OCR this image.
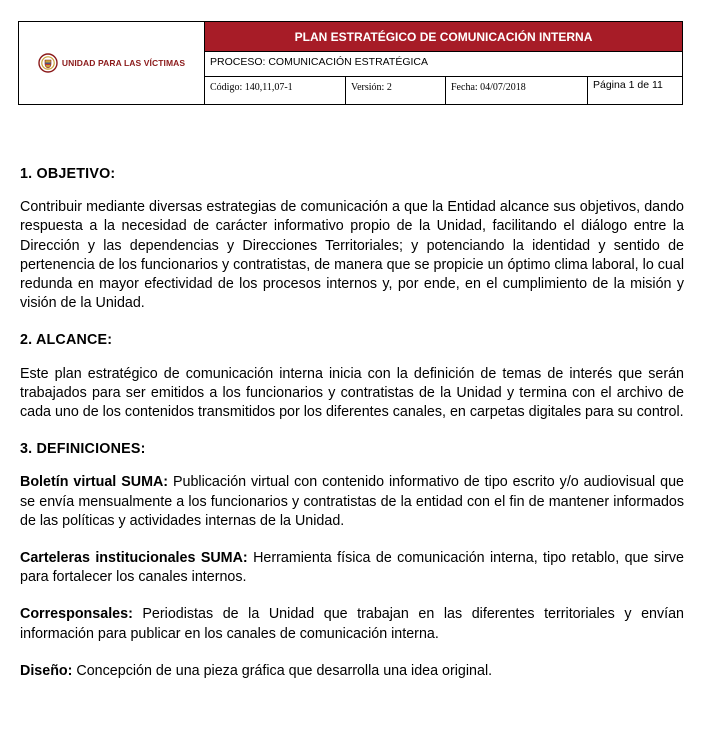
UNIDAD PARA LAS VÍCTIMAS
PLAN ESTRATÉGICO DE COMUNICACIÓN INTERNA
PROCESO: COMUNICACIÓN ESTRATÉGICA
Código: 140,11,07-1	Versión: 2	Fecha: 04/07/2018	Página 1 de 11
1. OBJETIVO:

Contribuir mediante diversas estrategias de comunicación a que la Entidad alcance sus objetivos, dando respuesta a la necesidad de carácter informativo propio de la Unidad, facilitando el diálogo entre la Dirección y las dependencias y Direcciones Territoriales; y potenciando la identidad y sentido de pertenencia de los funcionarios y contratistas, de manera que se propicie un óptimo clima laboral, lo cual redunda en mayor efectividad de los procesos internos y, por ende, en el cumplimiento de la misión y visión de la Unidad.

2. ALCANCE:

Este plan estratégico de comunicación interna inicia con la definición de temas de interés que serán trabajados para ser emitidos a los funcionarios y contratistas de la Unidad y termina con el archivo de cada uno de los contenidos transmitidos por los diferentes canales, en carpetas digitales para su control.

3. DEFINICIONES:

Boletín virtual SUMA: Publicación virtual con contenido informativo de tipo escrito y/o audiovisual que se envía mensualmente a los funcionarios y contratistas de la entidad con el fin de mantener informados de las políticas y actividades internas de la Unidad.

Carteleras institucionales SUMA: Herramienta física de comunicación interna, tipo retablo, que sirve para fortalecer los canales internos.

Corresponsales: Periodistas de la Unidad que trabajan en las diferentes territoriales y envían información para publicar en los canales de comunicación interna.

Diseño: Concepción de una pieza gráfica que desarrolla una idea original.
